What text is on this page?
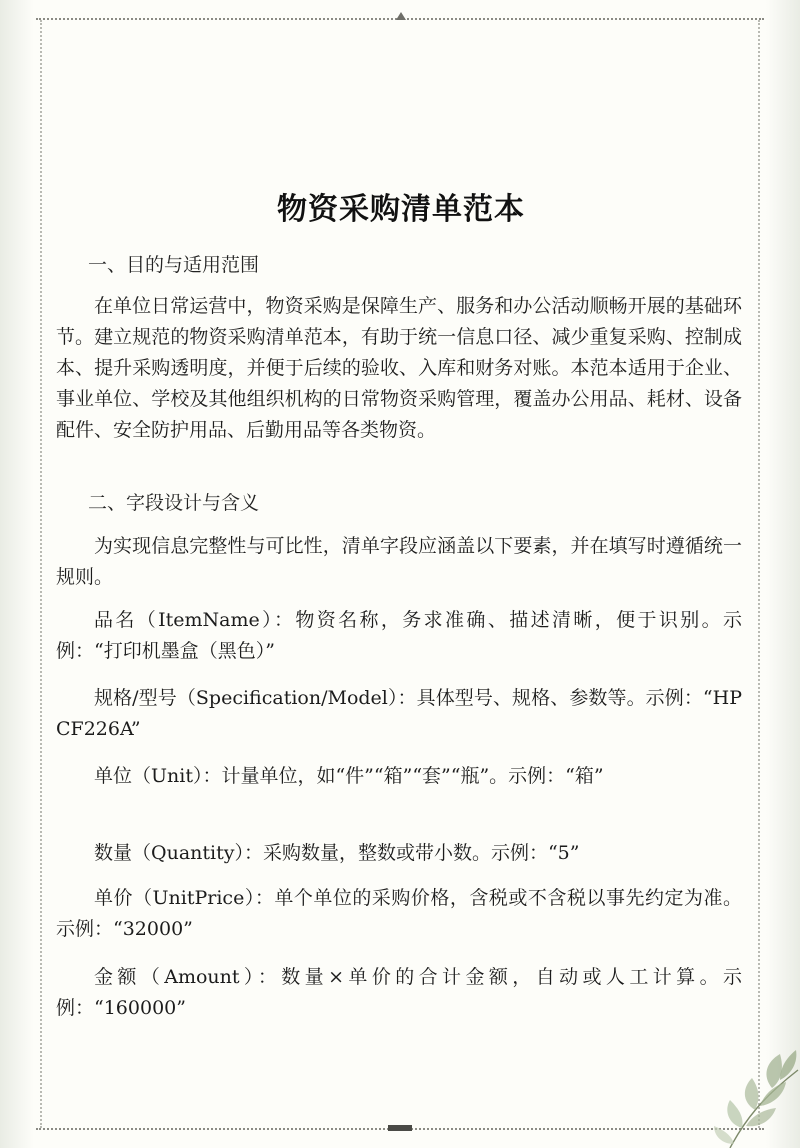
物资采购清单范本
一、目的与适用范围

在单位日常运营中，物资采购是保障生产、服务和办公活动顺畅开展的基础环节。建立规范的物资采购清单范本，有助于统一信息口径、减少重复采购、控制成本、提升采购透明度，并便于后续的验收、入库和财务对账。本范本适用于企业、事业单位、学校及其他组织机构的日常物资采购管理，覆盖办公用品、耗材、设备配件、安全防护用品、后勤用品等各类物资。

二、字段设计与含义

为实现信息完整性与可比性，清单字段应涵盖以下要素，并在填写时遵循统一规则。

品名（ItemName）：物资名称，务求准确、描述清晰，便于识别。示例：“打印机墨盒（黑色）”

规格/型号（Specification/Model）：具体型号、规格、参数等。示例：“HP CF226A”

单位（Unit）：计量单位，如“件”“箱”“套”“瓶”。示例：“箱”

数量（Quantity）：采购数量，整数或带小数。示例：“5”

单价（UnitPrice）：单个单位的采购价格，含税或不含税以事先约定为准。示例：“32000”

金额（Amount）：数量×单价的合计金额，自动或人工计算。示例：“160000”
